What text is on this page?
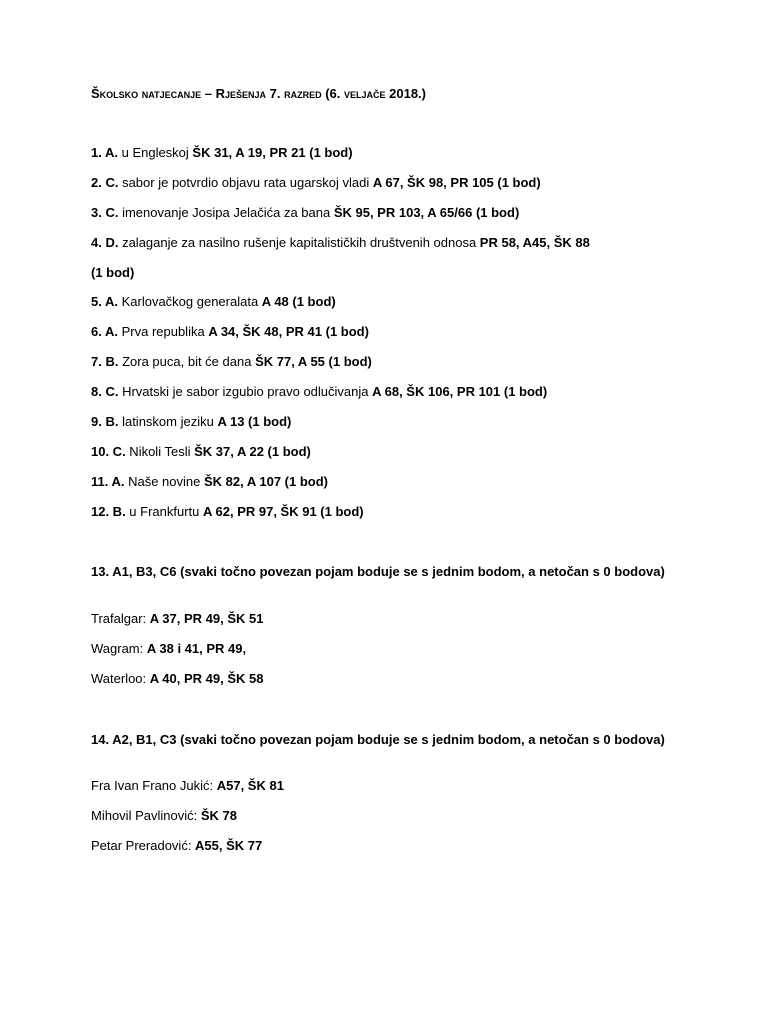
Školsko natjecanje – Rješenja 7. razred (6. veljače 2018.)
1. A. u Engleskoj ŠK 31, A 19, PR 21 (1 bod)
2. C. sabor je potvrdio objavu rata ugarskoj vladi A 67, ŠK 98, PR 105 (1 bod)
3. C. imenovanje Josipa Jelačića za bana ŠK 95, PR 103, A 65/66 (1 bod)
4. D. zalaganje za nasilno rušenje kapitalističkih društvenih odnosa PR 58, A45, ŠK 88
(1 bod)
5. A. Karlovačkog generalata A 48 (1 bod)
6. A. Prva republika A 34, ŠK 48, PR 41 (1 bod)
7. B. Zora puca, bit će dana ŠK 77, A 55 (1 bod)
8. C. Hrvatski je sabor izgubio pravo odlučivanja A 68, ŠK 106, PR 101 (1 bod)
9. B. latinskom jeziku A 13 (1 bod)
10. C. Nikoli Tesli ŠK 37, A 22 (1 bod)
11. A. Naše novine ŠK 82, A 107 (1 bod)
12. B. u Frankfurtu A 62, PR 97, ŠK 91 (1 bod)
13. A1, B3, C6 (svaki točno povezan pojam boduje se s jednim bodom, a netočan s 0 bodova)
Trafalgar: A 37, PR 49, ŠK 51
Wagram: A 38 i 41, PR 49,
Waterloo: A 40, PR 49, ŠK 58
14. A2, B1, C3 (svaki točno povezan pojam boduje se s jednim bodom, a netočan s 0 bodova)
Fra Ivan Frano Jukić: A57, ŠK 81
Mihovil Pavlinović: ŠK 78
Petar Preradović: A55, ŠK 77
